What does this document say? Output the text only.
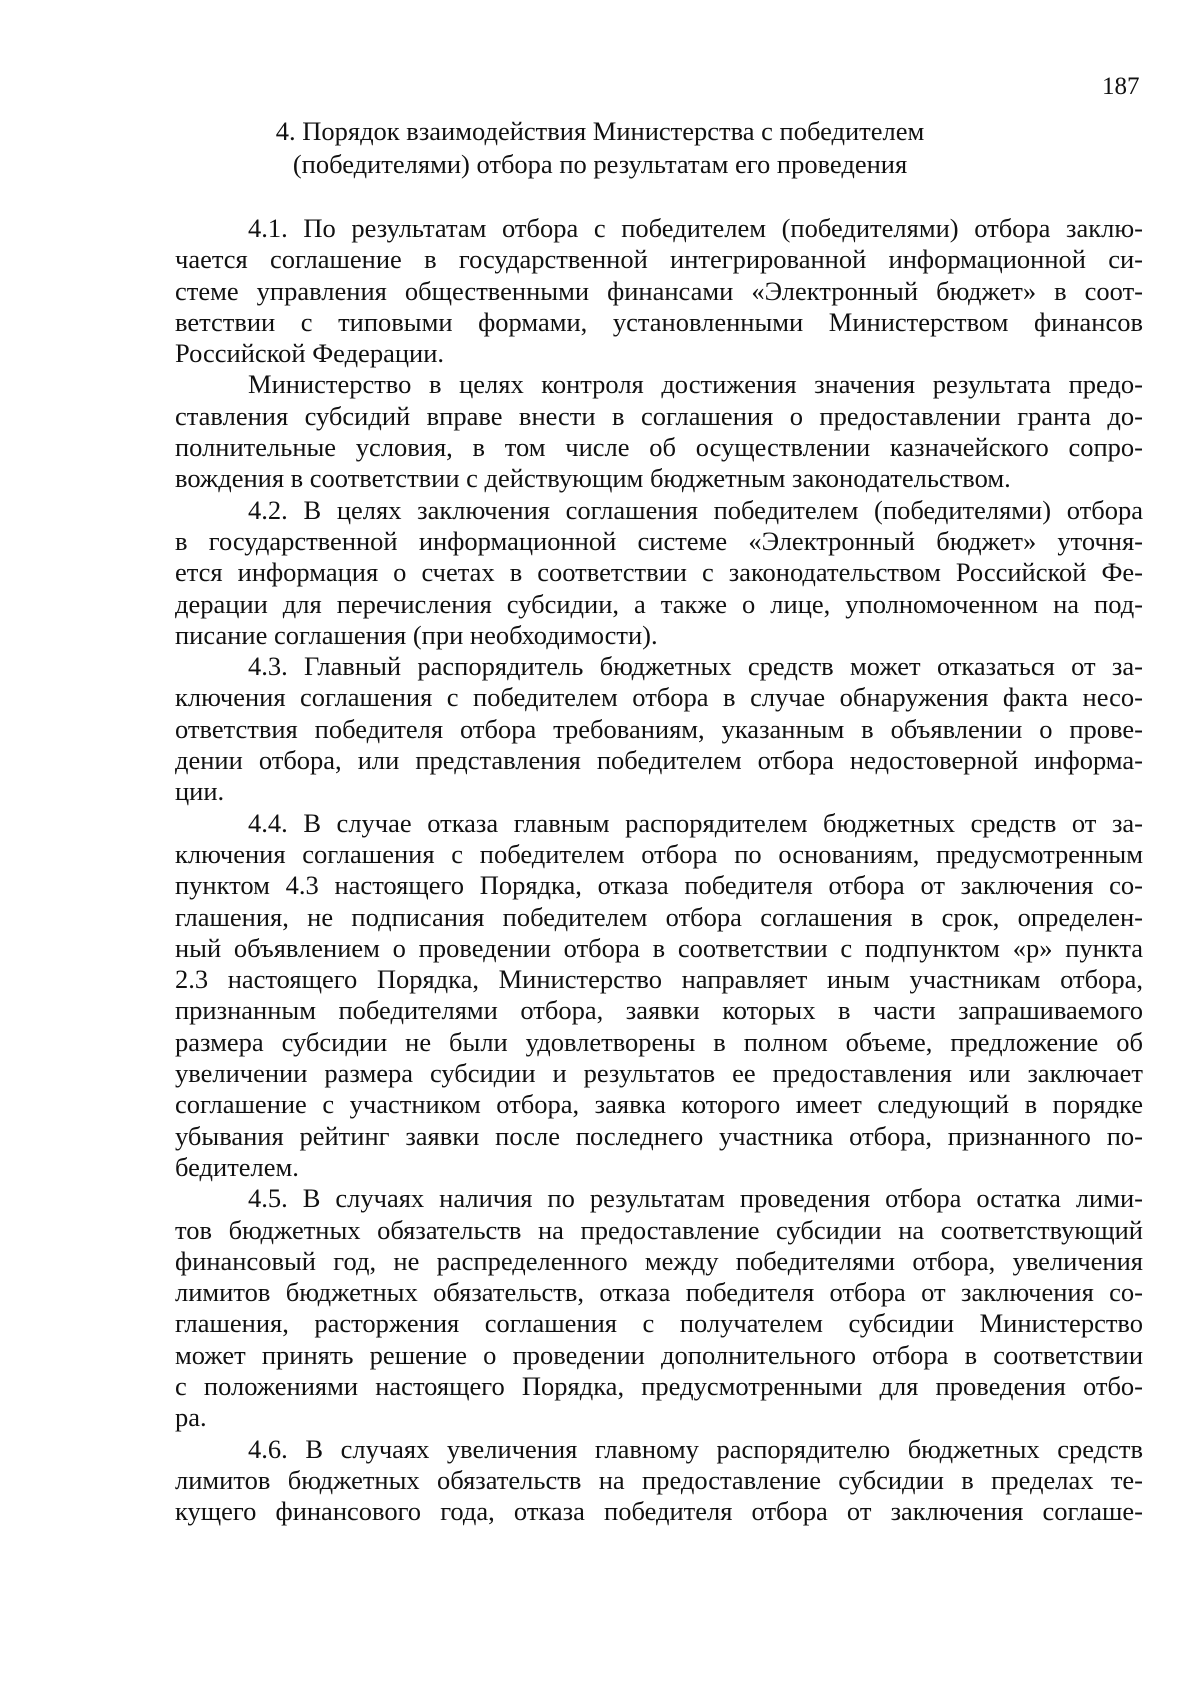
187
4. Порядок взаимодействия Министерства с победителем
(победителями) отбора по результатам его проведения
4.1. По результатам отбора с победителем (победителями) отбора заклю-
чается соглашение в государственной интегрированной информационной си-
стеме управления общественными финансами «Электронный бюджет» в соот-
ветствии с типовыми формами, установленными Министерством финансов
Российской Федерации.
Министерство в целях контроля достижения значения результата предо-
ставления субсидий вправе внести в соглашения о предоставлении гранта до-
полнительные условия, в том числе об осуществлении казначейского сопро-
вождения в соответствии с действующим бюджетным законодательством.
4.2. В целях заключения соглашения победителем (победителями) отбора
в государственной информационной системе «Электронный бюджет» уточня-
ется информация о счетах в соответствии с законодательством Российской Фе-
дерации для перечисления субсидии, а также о лице, уполномоченном на под-
писание соглашения (при необходимости).
4.3. Главный распорядитель бюджетных средств может отказаться от за-
ключения соглашения с победителем отбора в случае обнаружения факта несо-
ответствия победителя отбора требованиям, указанным в объявлении о прове-
дении отбора, или представления победителем отбора недостоверной информа-
ции.
4.4. В случае отказа главным распорядителем бюджетных средств от за-
ключения соглашения с победителем отбора по основаниям, предусмотренным
пунктом 4.3 настоящего Порядка, отказа победителя отбора от заключения со-
глашения, не подписания победителем отбора соглашения в срок, определен-
ный объявлением о проведении отбора в соответствии с подпунктом «р» пункта
2.3 настоящего Порядка, Министерство направляет иным участникам отбора,
признанным победителями отбора, заявки которых в части запрашиваемого
размера субсидии не были удовлетворены в полном объеме, предложение об
увеличении размера субсидии и результатов ее предоставления или заключает
соглашение с участником отбора, заявка которого имеет следующий в порядке
убывания рейтинг заявки после последнего участника отбора, признанного по-
бедителем.
4.5. В случаях наличия по результатам проведения отбора остатка лими-
тов бюджетных обязательств на предоставление субсидии на соответствующий
финансовый год, не распределенного между победителями отбора, увеличения
лимитов бюджетных обязательств, отказа победителя отбора от заключения со-
глашения, расторжения соглашения с получателем субсидии Министерство
может принять решение о проведении дополнительного отбора в соответствии
с положениями настоящего Порядка, предусмотренными для проведения отбо-
ра.
4.6. В случаях увеличения главному распорядителю бюджетных средств
лимитов бюджетных обязательств на предоставление субсидии в пределах те-
кущего финансового года, отказа победителя отбора от заключения соглаше-
